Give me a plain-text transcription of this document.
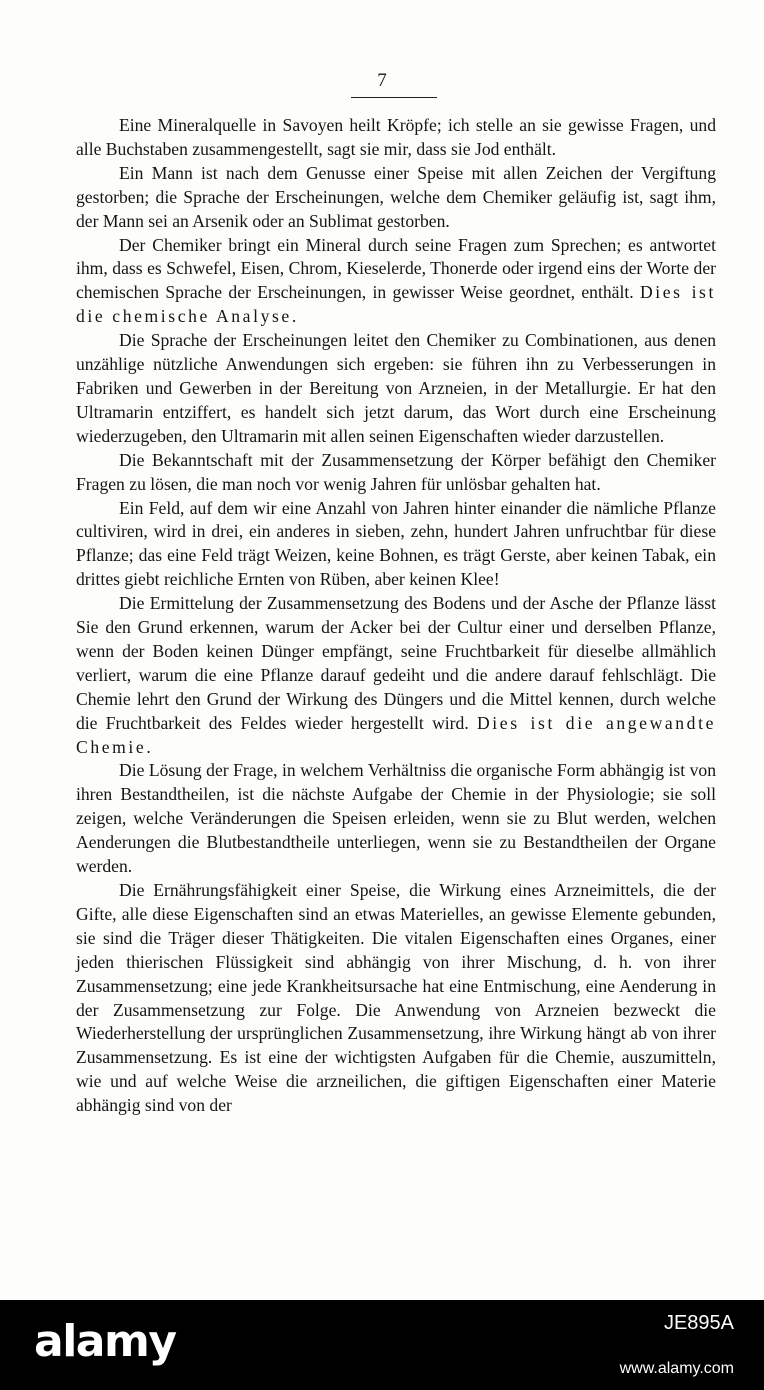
7

Eine Mineralquelle in Savoyen heilt Kröpfe; ich stelle an sie gewisse Fragen, und alle Buchstaben zusammengestellt, sagt sie mir, dass sie Jod enthält.

Ein Mann ist nach dem Genusse einer Speise mit allen Zeichen der Vergiftung gestorben; die Sprache der Erscheinungen, welche dem Chemiker geläufig ist, sagt ihm, der Mann sei an Arsenik oder an Sublimat gestorben.

Der Chemiker bringt ein Mineral durch seine Fragen zum Sprechen; es antwortet ihm, dass es Schwefel, Eisen, Chrom, Kieselerde, Thonerde oder irgend eins der Worte der chemischen Sprache der Erscheinungen, in gewisser Weise geordnet, enthält. Dies ist die chemische Analyse.

Die Sprache der Erscheinungen leitet den Chemiker zu Combinationen, aus denen unzählige nützliche Anwendungen sich ergeben: sie führen ihn zu Verbesserungen in Fabriken und Gewerben in der Bereitung von Arzneien, in der Metallurgie. Er hat den Ultramarin entziffert, es handelt sich jetzt darum, das Wort durch eine Erscheinung wiederzugeben, den Ultramarin mit allen seinen Eigenschaften wieder darzustellen.

Die Bekanntschaft mit der Zusammensetzung der Körper befähigt den Chemiker Fragen zu lösen, die man noch vor wenig Jahren für unlösbar gehalten hat.

Ein Feld, auf dem wir eine Anzahl von Jahren hinter einander die nämliche Pflanze cultiviren, wird in drei, ein anderes in sieben, zehn, hundert Jahren unfruchtbar für diese Pflanze; das eine Feld trägt Weizen, keine Bohnen, es trägt Gerste, aber keinen Tabak, ein drittes giebt reichliche Ernten von Rüben, aber keinen Klee!

Die Ermittelung der Zusammensetzung des Bodens und der Asche der Pflanze lässt Sie den Grund erkennen, warum der Acker bei der Cultur einer und derselben Pflanze, wenn der Boden keinen Dünger empfängt, seine Fruchtbarkeit für dieselbe allmählich verliert, warum die eine Pflanze darauf gedeiht und die andere darauf fehlschlägt. Die Chemie lehrt den Grund der Wirkung des Düngers und die Mittel kennen, durch welche die Fruchtbarkeit des Feldes wieder hergestellt wird. Dies ist die angewandte Chemie.

Die Lösung der Frage, in welchem Verhältniss die organische Form abhängig ist von ihren Bestandtheilen, ist die nächste Aufgabe der Chemie in der Physiologie; sie soll zeigen, welche Veränderungen die Speisen erleiden, wenn sie zu Blut werden, welchen Aenderungen die Blutbestandtheile unterliegen, wenn sie zu Bestandtheilen der Organe werden.

Die Ernährungsfähigkeit einer Speise, die Wirkung eines Arzneimittels, die der Gifte, alle diese Eigenschaften sind an etwas Materielles, an gewisse Elemente gebunden, sie sind die Träger dieser Thätigkeiten. Die vitalen Eigenschaften eines Organes, einer jeden thierischen Flüssigkeit sind abhängig von ihrer Mischung, d. h. von ihrer Zusammensetzung; eine jede Krankheitsursache hat eine Entmischung, eine Aenderung in der Zusammensetzung zur Folge. Die Anwendung von Arzneien bezweckt die Wiederherstellung der ursprünglichen Zusammensetzung, ihre Wirkung hängt ab von ihrer Zusammensetzung. Es ist eine der wichtigsten Aufgaben für die Chemie, auszumitteln, wie und auf welche Weise die arzneilichen, die giftigen Eigenschaften einer Materie abhängig sind von der

alamy	JE895A
www.alamy.com
